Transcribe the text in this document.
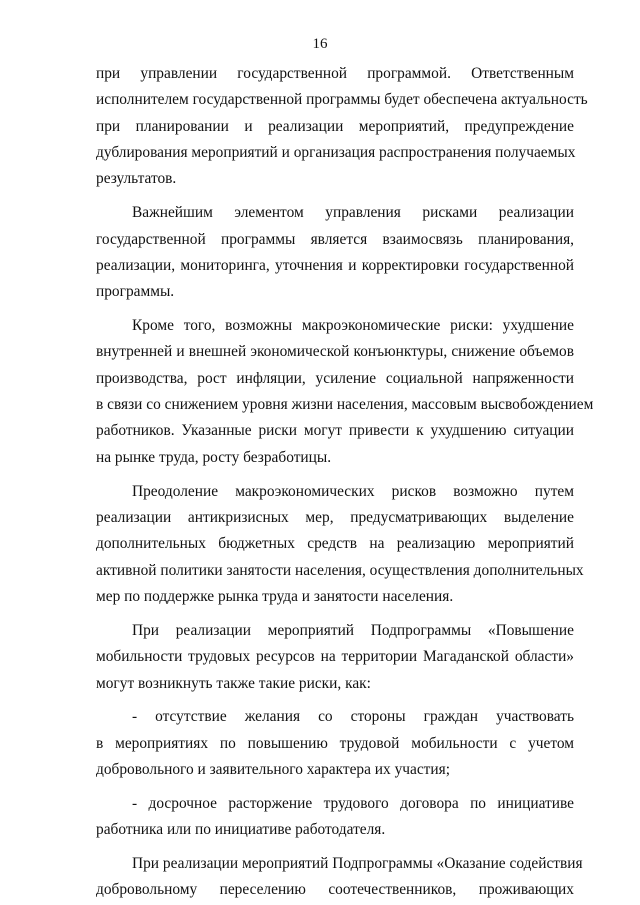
16
при управлении государственной программой. Ответственным
исполнителем государственной программы будет обеспечена актуальность
при планировании и реализации мероприятий, предупреждение
дублирования мероприятий и организация распространения получаемых
результатов.
Важнейшим элементом управления рисками реализации
государственной программы является взаимосвязь планирования,
реализации, мониторинга, уточнения и корректировки государственной
программы.
Кроме того, возможны макроэкономические риски: ухудшение
внутренней и внешней экономической конъюнктуры, снижение объемов
производства, рост инфляции, усиление социальной напряженности
в связи со снижением уровня жизни населения, массовым высвобождением
работников. Указанные риски могут привести к ухудшению ситуации
на рынке труда, росту безработицы.
Преодоление макроэкономических рисков возможно путем
реализации антикризисных мер, предусматривающих выделение
дополнительных бюджетных средств на реализацию мероприятий
активной политики занятости населения, осуществления дополнительных
мер по поддержке рынка труда и занятости населения.
При реализации мероприятий Подпрограммы «Повышение
мобильности трудовых ресурсов на территории Магаданской области»
могут возникнуть также такие риски, как:
- отсутствие желания со стороны граждан участвовать
в мероприятиях по повышению трудовой мобильности с учетом
добровольного и заявительного характера их участия;
- досрочное расторжение трудового договора по инициативе
работника или по инициативе работодателя.
При реализации мероприятий Подпрограммы «Оказание содействия
добровольному переселению соотечественников, проживающих
